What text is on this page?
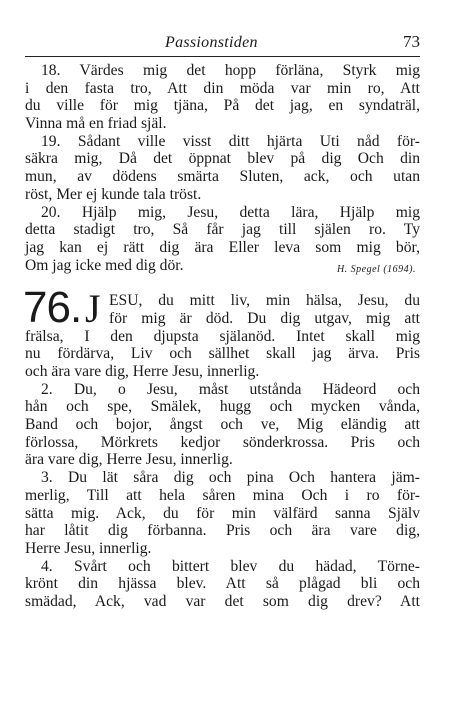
Passionstiden	73
18. Värdes mig det hopp förläna, Styrk mig
i den fasta tro, Att din möda var min ro, Att
du ville för mig tjäna, På det jag, en syndaträl,
Vinna må en friad själ.
19. Sådant ville visst ditt hjärta Uti nåd för-
säkra mig, Då det öppnat blev på dig Och din
mun, av dödens smärta Sluten, ack, och utan
röst, Mer ej kunde tala tröst.
20. Hjälp mig, Jesu, detta lära, Hjälp mig
detta stadigt tro, Så får jag till själen ro. Ty
jag kan ej rätt dig ära Eller leva som mig bör,
Om jag icke med dig dör.	H. Spegel (1694).
76. J ESU, du mitt liv, min hälsa, Jesu, du
för mig är död. Du dig utgav, mig att
frälsa, I den djupsta själanöd. Intet skall mig
nu fördärva, Liv och sällhet skall jag ärva. Pris
och ära vare dig, Herre Jesu, innerlig.
2. Du, o Jesu, måst utstånda Hädeord och
hån och spe, Smälek, hugg och mycken vånda,
Band och bojor, ångst och ve, Mig eländig att
förlossa, Mörkrets kedjor sönderkrossa. Pris och
ära vare dig, Herre Jesu, innerlig.
3. Du lät såra dig och pina Och hantera jäm-
merlig, Till att hela såren mina Och i ro för-
sätta mig. Ack, du för min välfärd sanna Själv
har låtit dig förbanna. Pris och ära vare dig,
Herre Jesu, innerlig.
4. Svårt och bittert blev du hädad, Törne-
krönt din hjässa blev. Att så plågad bli och
smädad, Ack, vad var det som dig drev? Att
